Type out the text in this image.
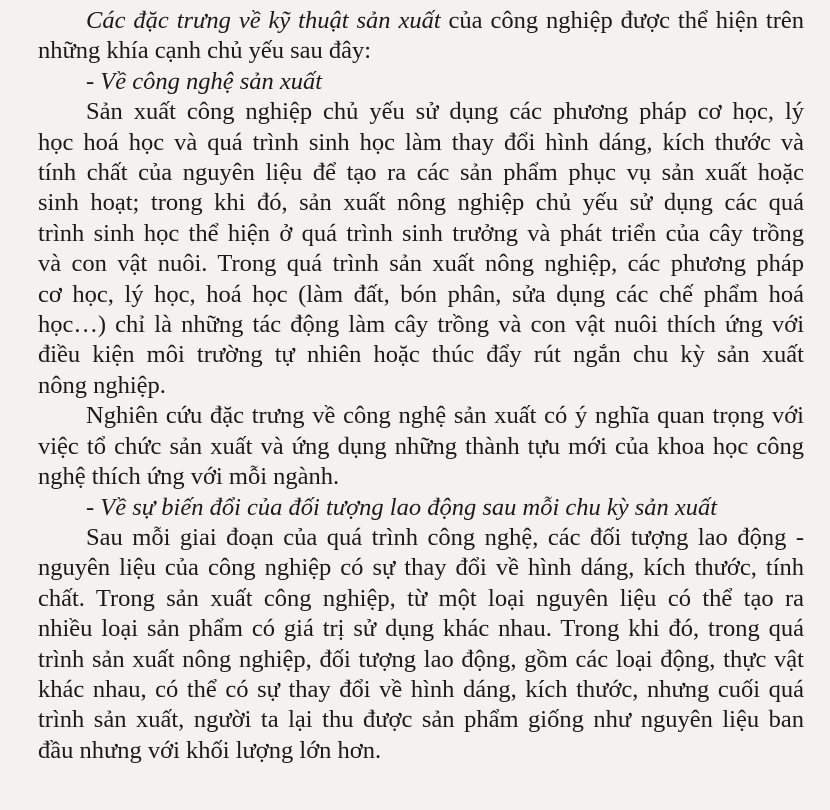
Các đặc trưng về kỹ thuật sản xuất của công nghiệp được thể hiện trên
những khía cạnh chủ yếu sau đây:

- Về công nghệ sản xuất

Sản xuất công nghiệp chủ yếu sử dụng các phương pháp cơ học, lý
học hoá học và quá trình sinh học làm thay đổi hình dáng, kích thước và
tính chất của nguyên liệu để tạo ra các sản phẩm phục vụ sản xuất hoặc
sinh hoạt; trong khi đó, sản xuất nông nghiệp chủ yếu sử dụng các quá
trình sinh học thể hiện ở quá trình sinh trưởng và phát triển của cây trồng
và con vật nuôi. Trong quá trình sản xuất nông nghiệp, các phương pháp
cơ học, lý học, hoá học (làm đất, bón phân, sửa dụng các chế phẩm hoá
học…) chỉ là những tác động làm cây trồng và con vật nuôi thích ứng với
điều kiện môi trường tự nhiên hoặc thúc đẩy rút ngắn chu kỳ sản xuất
nông nghiệp.

Nghiên cứu đặc trưng về công nghệ sản xuất có ý nghĩa quan trọng với
việc tổ chức sản xuất và ứng dụng những thành tựu mới của khoa học công
nghệ thích ứng với mỗi ngành.

- Về sự biến đổi của đối tượng lao động sau mỗi chu kỳ sản xuất

Sau mỗi giai đoạn của quá trình công nghệ, các đối tượng lao động -
nguyên liệu của công nghiệp có sự thay đổi về hình dáng, kích thước, tính
chất. Trong sản xuất công nghiệp, từ một loại nguyên liệu có thể tạo ra
nhiều loại sản phẩm có giá trị sử dụng khác nhau. Trong khi đó, trong quá
trình sản xuất nông nghiệp, đối tượng lao động, gồm các loại động, thực vật
khác nhau, có thể có sự thay đổi về hình dáng, kích thước, nhưng cuối quá
trình sản xuất, người ta lại thu được sản phẩm giống như nguyên liệu ban
đầu nhưng với khối lượng lớn hơn.
